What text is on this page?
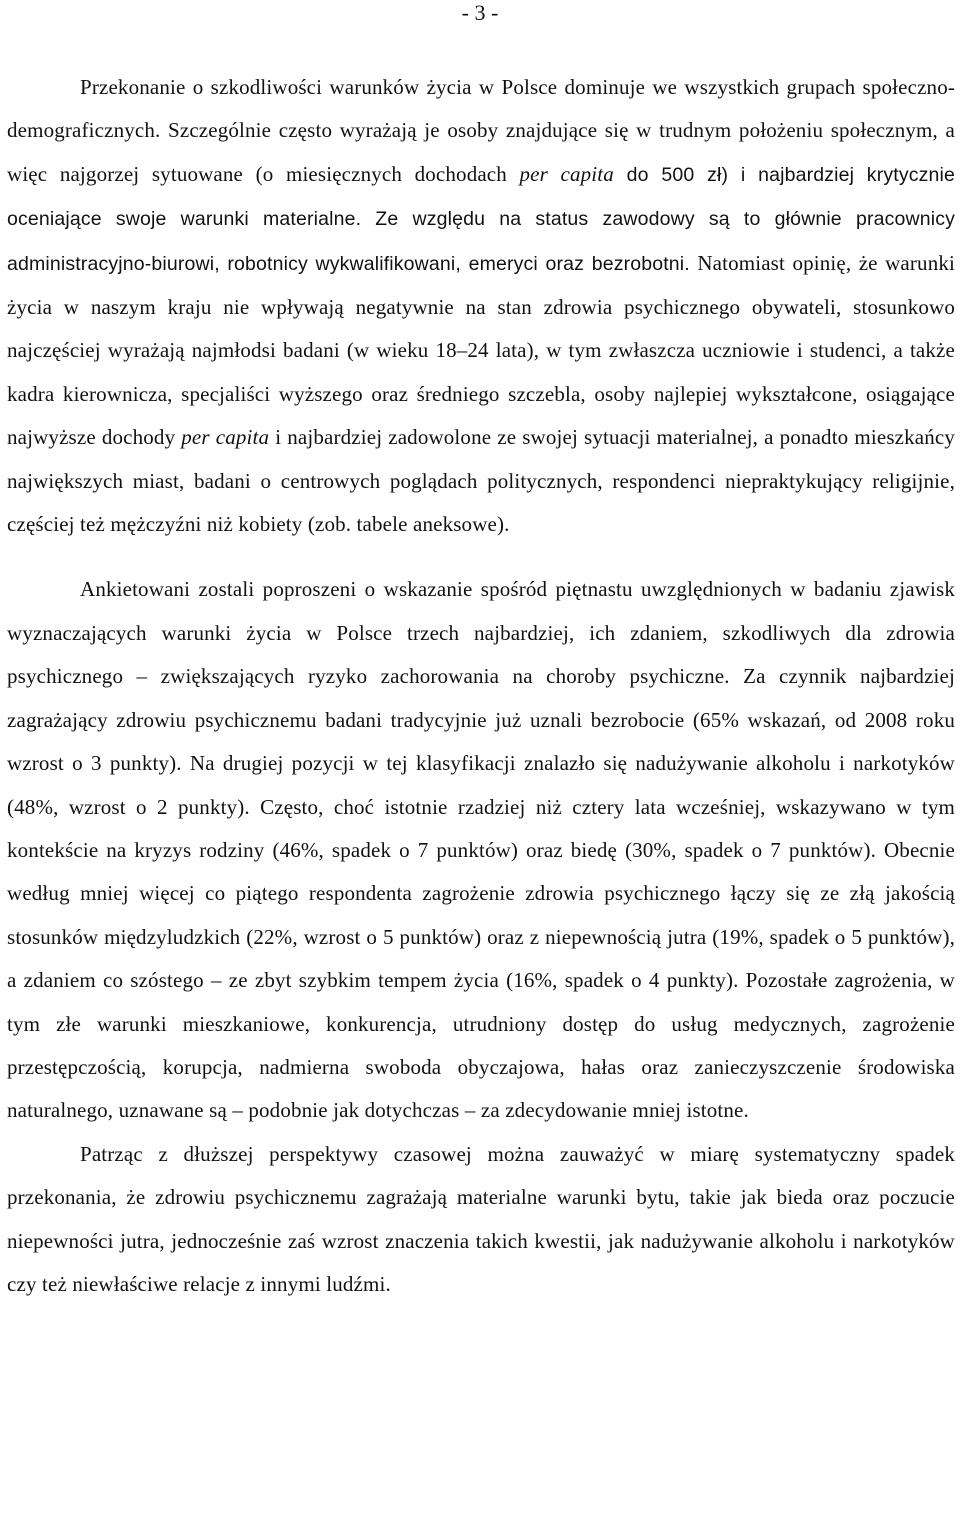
- 3 -

Przekonanie o szkodliwości warunków życia w Polsce dominuje we wszystkich grupach społeczno-demograficznych. Szczególnie często wyrażają je osoby znajdujące się w trudnym położeniu społecznym, a więc najgorzej sytuowane (o miesięcznych dochodach per capita do 500 zł) i najbardziej krytycznie oceniające swoje warunki materialne. Ze względu na status zawodowy są to głównie pracownicy administracyjno-biurowi, robotnicy wykwalifikowani, emeryci oraz bezrobotni. Natomiast opinię, że warunki życia w naszym kraju nie wpływają negatywnie na stan zdrowia psychicznego obywateli, stosunkowo najczęściej wyrażają najmłodsi badani (w wieku 18–24 lata), w tym zwłaszcza uczniowie i studenci, a także kadra kierownicza, specjaliści wyższego oraz średniego szczebla, osoby najlepiej wykształcone, osiągające najwyższe dochody per capita i najbardziej zadowolone ze swojej sytuacji materialnej, a ponadto mieszkańcy największych miast, badani o centrowych poglądach politycznych, respondenci niepraktykujący religijnie, częściej też mężczyźni niż kobiety (zob. tabele aneksowe).

Ankietowani zostali poproszeni o wskazanie spośród piętnastu uwzględnionych w badaniu zjawisk wyznaczających warunki życia w Polsce trzech najbardziej, ich zdaniem, szkodliwych dla zdrowia psychicznego – zwiększających ryzyko zachorowania na choroby psychiczne. Za czynnik najbardziej zagrażający zdrowiu psychicznemu badani tradycyjnie już uznali bezrobocie (65% wskazań, od 2008 roku wzrost o 3 punkty). Na drugiej pozycji w tej klasyfikacji znalazło się nadużywanie alkoholu i narkotyków (48%, wzrost o 2 punkty). Często, choć istotnie rzadziej niż cztery lata wcześniej, wskazywano w tym kontekście na kryzys rodziny (46%, spadek o 7 punktów) oraz biedę (30%, spadek o 7 punktów). Obecnie według mniej więcej co piątego respondenta zagrożenie zdrowia psychicznego łączy się ze złą jakością stosunków międzyludzkich (22%, wzrost o 5 punktów) oraz z niepewnością jutra (19%, spadek o 5 punktów), a zdaniem co szóstego – ze zbyt szybkim tempem życia (16%, spadek o 4 punkty). Pozostałe zagrożenia, w tym złe warunki mieszkaniowe, konkurencja, utrudniony dostęp do usług medycznych, zagrożenie przestępczością, korupcja, nadmierna swoboda obyczajowa, hałas oraz zanieczyszczenie środowiska naturalnego, uznawane są – podobnie jak dotychczas – za zdecydowanie mniej istotne.

Patrząc z dłuższej perspektywy czasowej można zauważyć w miarę systematyczny spadek przekonania, że zdrowiu psychicznemu zagrażają materialne warunki bytu, takie jak bieda oraz poczucie niepewności jutra, jednocześnie zaś wzrost znaczenia takich kwestii, jak nadużywanie alkoholu i narkotyków czy też niewłaściwe relacje z innymi ludźmi.
